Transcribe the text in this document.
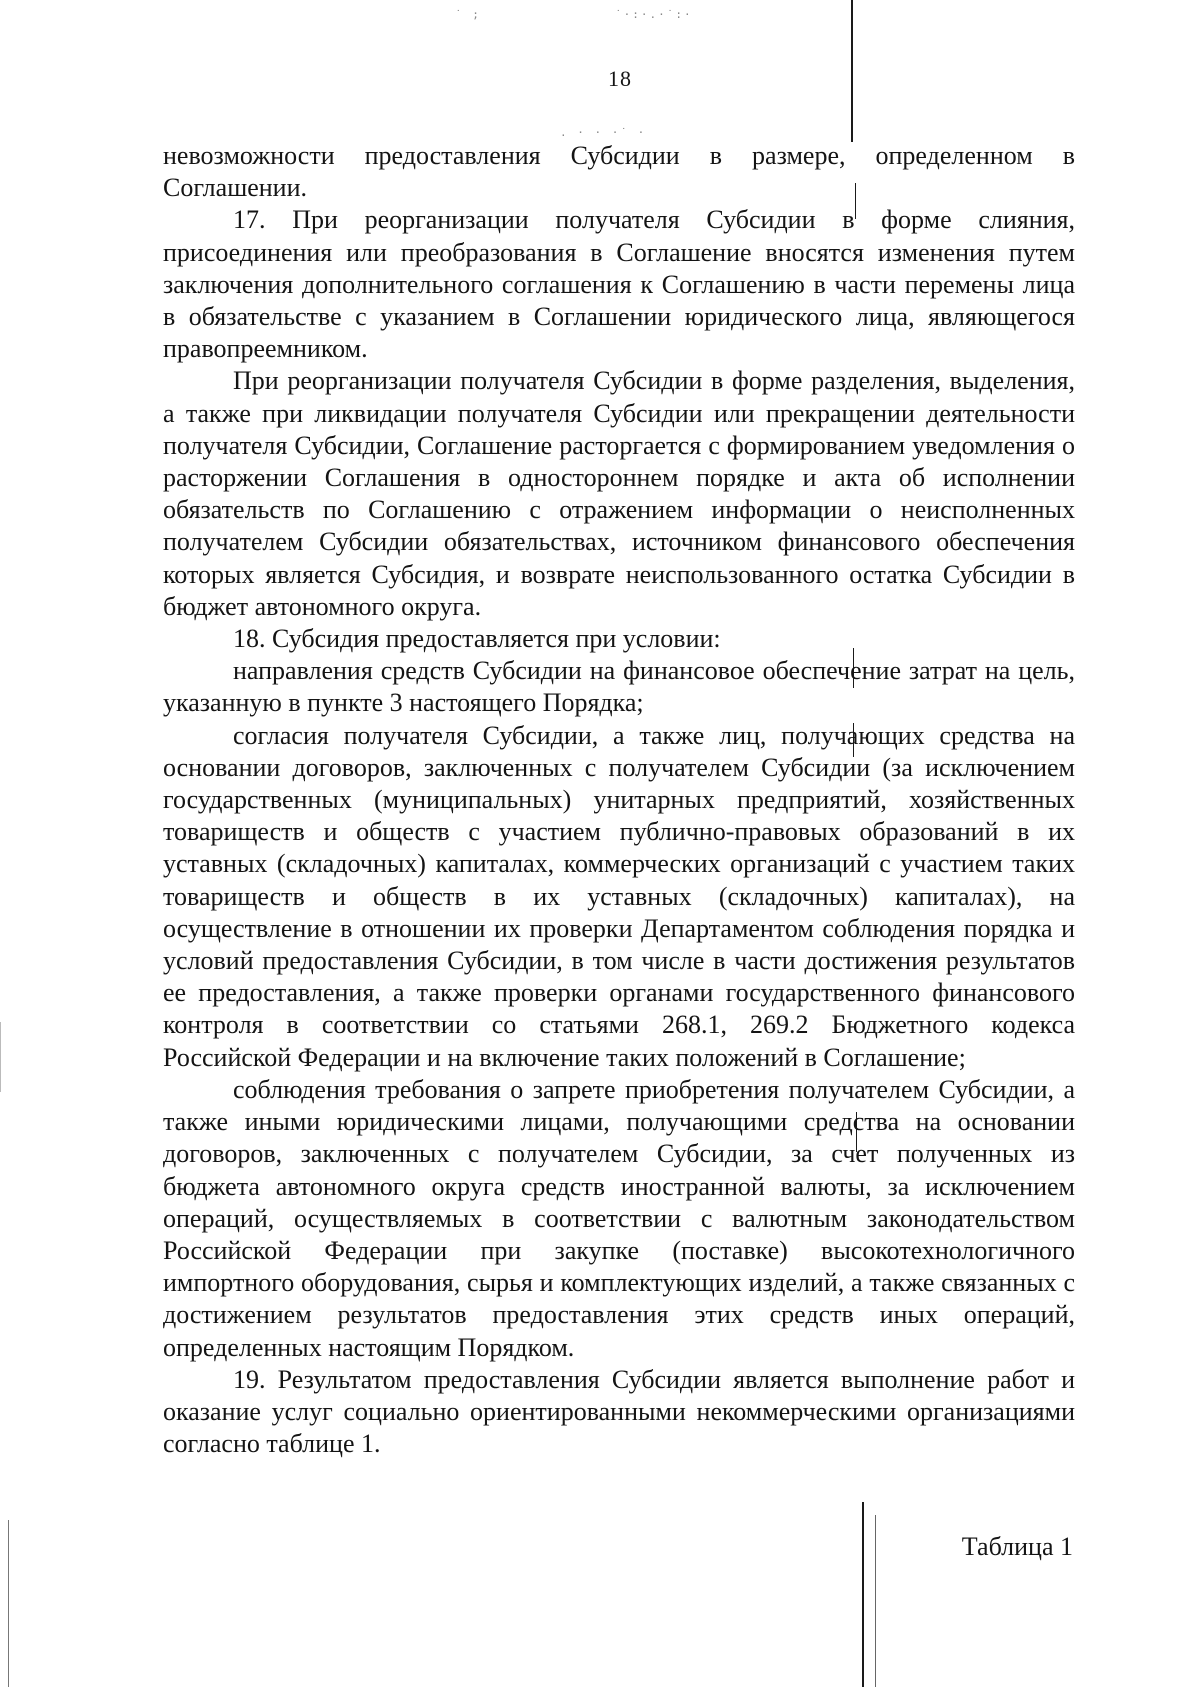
˙·:·.·˙:·
˙ ;
. · · ·˙ ·
18

невозможности предоставления Субсидии в размере, определенном в Соглашении.

17. При реорганизации получателя Субсидии в форме слияния, присоединения или преобразования в Соглашение вносятся изменения путем заключения дополнительного соглашения к Соглашению в части перемены лица в обязательстве с указанием в Соглашении юридического лица, являющегося правопреемником.

При реорганизации получателя Субсидии в форме разделения, выделения, а также при ликвидации получателя Субсидии или прекращении деятельности получателя Субсидии, Соглашение расторгается с формированием уведомления о расторжении Соглашения в одностороннем порядке и акта об исполнении обязательств по Соглашению с отражением информации о неисполненных получателем Субсидии обязательствах, источником финансового обеспечения которых является Субсидия, и возврате неиспользованного остатка Субсидии в бюджет автономного округа.

18. Субсидия предоставляется при условии:

направления средств Субсидии на финансовое обеспечение затрат на цель, указанную в пункте 3 настоящего Порядка;

согласия получателя Субсидии, а также лиц, получающих средства на основании договоров, заключенных с получателем Субсидии (за исключением государственных (муниципальных) унитарных предприятий, хозяйственных товариществ и обществ с участием публично-правовых образований в их уставных (складочных) капиталах, коммерческих организаций с участием таких товариществ и обществ в их уставных (складочных) капиталах), на осуществление в отношении их проверки Департаментом соблюдения порядка и условий предоставления Субсидии, в том числе в части достижения результатов ее предоставления, а также проверки органами государственного финансового контроля в соответствии со статьями 268.1, 269.2 Бюджетного кодекса Российской Федерации и на включение таких положений в Соглашение;

соблюдения требования о запрете приобретения получателем Субсидии, а также иными юридическими лицами, получающими средства на основании договоров, заключенных с получателем Субсидии, за счет полученных из бюджета автономного округа средств иностранной валюты, за исключением операций, осуществляемых в соответствии с валютным законодательством Российской Федерации при закупке (поставке) высокотехнологичного импортного оборудования, сырья и комплектующих изделий, а также связанных с достижением результатов предоставления этих средств иных операций, определенных настоящим Порядком.

19. Результатом предоставления Субсидии является выполнение работ и оказание услуг социально ориентированными некоммерческими организациями согласно таблице 1.

Таблица 1
